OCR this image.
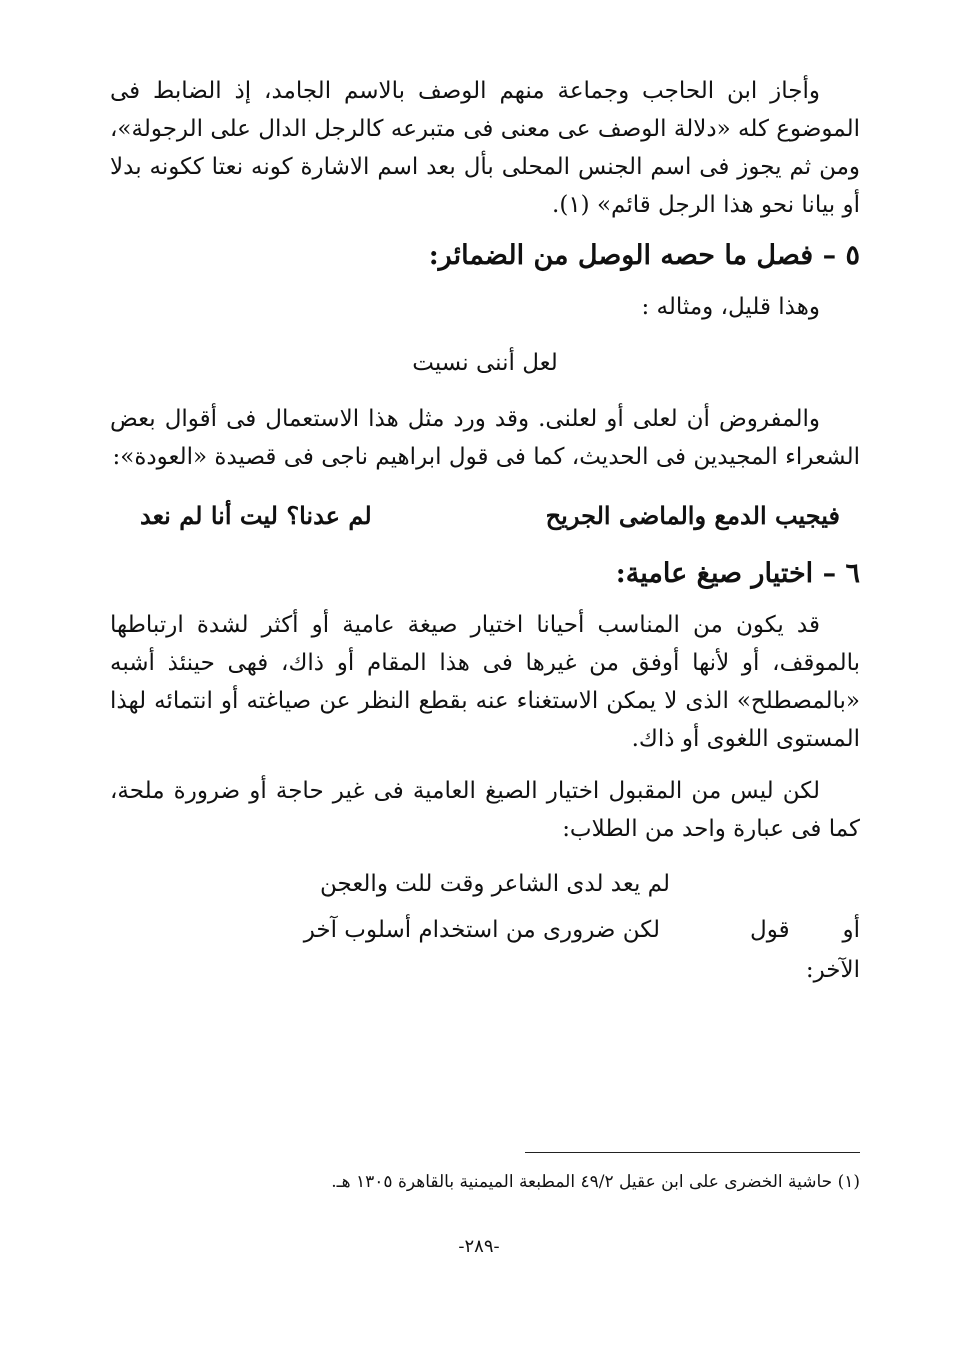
وأجاز ابن الحاجب وجماعة منهم الوصف بالاسم الجامد، إذ الضابط فى الموضوع كله «دلالة الوصف عى معنى فى متبرعه كالرجل الدال على الرجولة»، ومن ثم يجوز فى اسم الجنس المحلى بأل بعد اسم الاشارة كونه نعتا ككونه بدلا أو بيانا نحو هذا الرجل قائم» (١).

٥ – فصل ما حصه الوصل من الضمائر:

وهذا قليل، ومثاله :

لعل أننى نسيت

والمفروض أن لعلى أو لعلنى. وقد ورد مثل هذا الاستعمال فى أقوال بعض الشعراء المجيدين فى الحديث، كما فى قول ابراهيم ناجى فى قصيدة «العودة»:

فيجيب الدمع والماضى الجريح
لم عدنا؟ ليت أنا لم نعد
٦ – اختيار صيغ عامية:

قد يكون من المناسب أحيانا اختيار صيغة عامية أو أكثر لشدة ارتباطها بالموقف، أو لأنها أوفق من غيرها فى هذا المقام أو ذاك، فهى حينئذ أشبه «بالمصطلح» الذى لا يمكن الاستغناء عنه بقطع النظر عن صياغته أو انتمائه لهذا المستوى اللغوى أو ذاك.

لكن ليس من المقبول اختيار الصيغ العامية فى غير حاجة أو ضرورة ملحة، كما فى عبارة واحد من الطلاب:

لم يعد لدى الشاعر وقت للت والعجن
أو قول الآخر:
لكن ضرورى من استخدام أسلوب آخر
(١) حاشية الخضرى على ابن عقيل ٤٩/٢ المطبعة الميمنية بالقاهرة ١٣٠٥ هـ.
-٢٨٩-
